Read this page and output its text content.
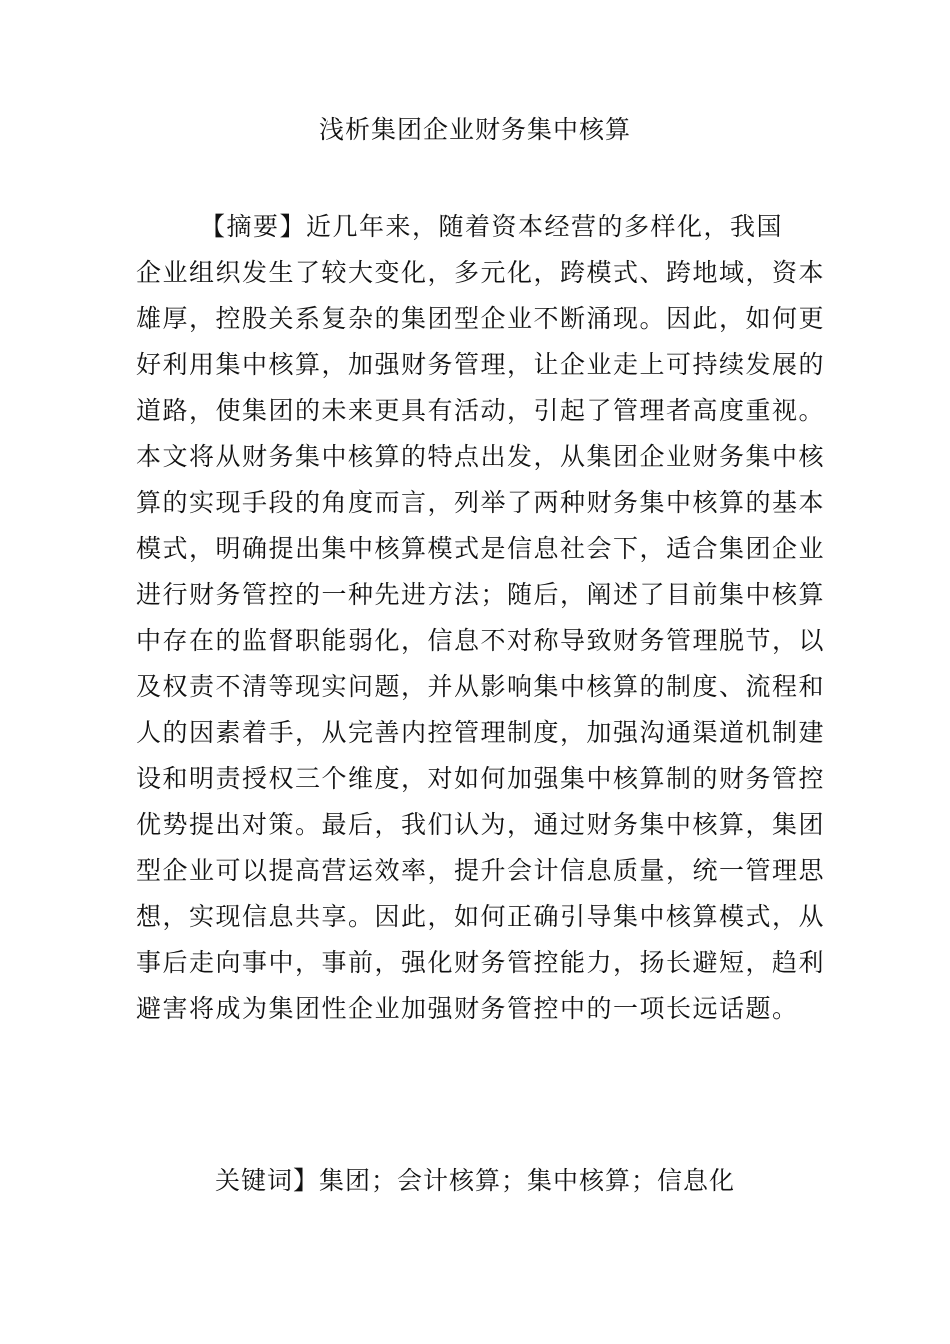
浅析集团企业财务集中核算
【摘要】近几年来，随着资本经营的多样化，我国
企业组织发生了较大变化，多元化，跨模式、跨地域，资本
雄厚，控股关系复杂的集团型企业不断涌现。因此，如何更
好利用集中核算，加强财务管理，让企业走上可持续发展的
道路，使集团的未来更具有活动，引起了管理者高度重视。
本文将从财务集中核算的特点出发，从集团企业财务集中核
算的实现手段的角度而言，列举了两种财务集中核算的基本
模式，明确提出集中核算模式是信息社会下，适合集团企业
进行财务管控的一种先进方法；随后，阐述了目前集中核算
中存在的监督职能弱化，信息不对称导致财务管理脱节，以
及权责不清等现实问题，并从影响集中核算的制度、流程和
人的因素着手，从完善内控管理制度，加强沟通渠道机制建
设和明责授权三个维度，对如何加强集中核算制的财务管控
优势提出对策。最后，我们认为，通过财务集中核算，集团
型企业可以提高营运效率，提升会计信息质量，统一管理思
想，实现信息共享。因此，如何正确引导集中核算模式，从
事后走向事中，事前，强化财务管控能力，扬长避短，趋利
避害将成为集团性企业加强财务管控中的一项长远话题。
关键词】集团；会计核算；集中核算；信息化
